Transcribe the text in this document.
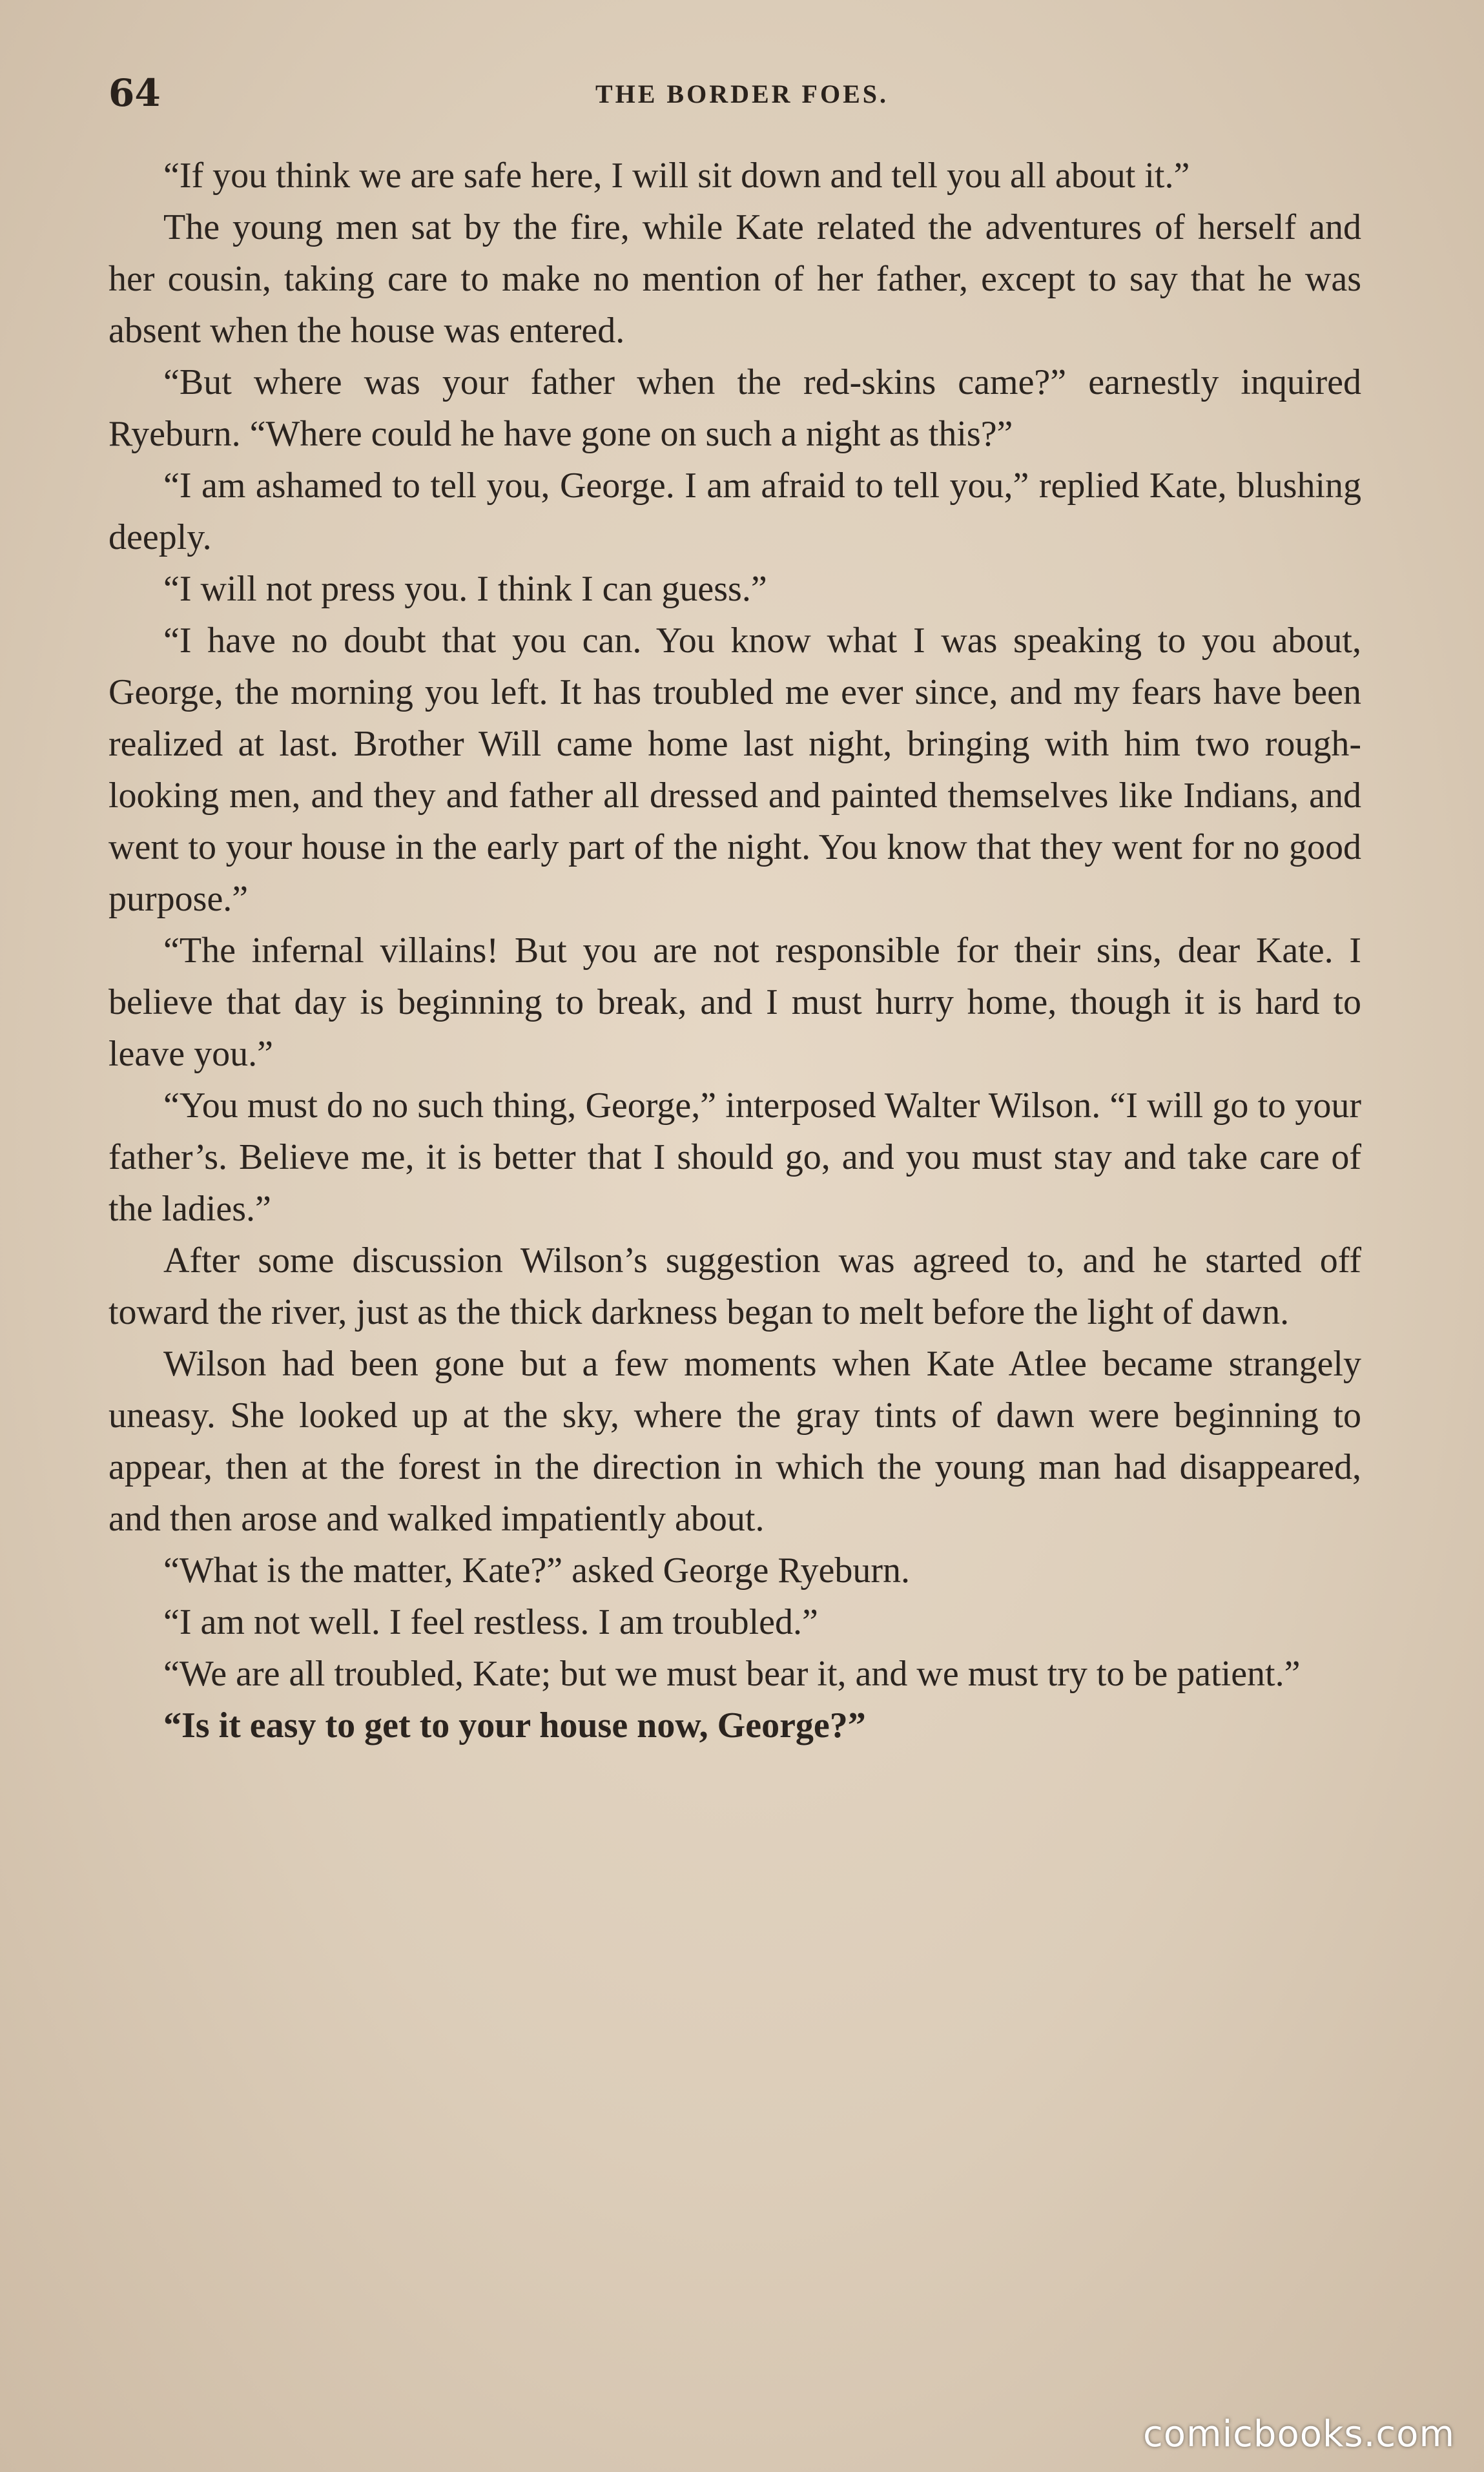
64	THE BORDER FOES.

“If you think we are safe here, I will sit down and tell you all about it.”

The young men sat by the fire, while Kate related the adventures of herself and her cousin, taking care to make no mention of her father, except to say that he was absent when the house was entered.

“But where was your father when the red-skins came?” earnestly inquired Ryeburn. “Where could he have gone on such a night as this?”

“I am ashamed to tell you, George. I am afraid to tell you,” replied Kate, blushing deeply.

“I will not press you. I think I can guess.”

“I have no doubt that you can. You know what I was speaking to you about, George, the morning you left. It has troubled me ever since, and my fears have been realized at last. Brother Will came home last night, bringing with him two rough-looking men, and they and father all dressed and painted themselves like Indians, and went to your house in the early part of the night. You know that they went for no good purpose.”

“The infernal villains! But you are not responsible for their sins, dear Kate. I believe that day is beginning to break, and I must hurry home, though it is hard to leave you.”

“You must do no such thing, George,” interposed Walter Wilson. “I will go to your father’s. Believe me, it is better that I should go, and you must stay and take care of the ladies.”

After some discussion Wilson’s suggestion was agreed to, and he started off toward the river, just as the thick darkness began to melt before the light of dawn.

Wilson had been gone but a few moments when Kate Atlee became strangely uneasy. She looked up at the sky, where the gray tints of dawn were beginning to appear, then at the forest in the direction in which the young man had disappeared, and then arose and walked impatiently about.

“What is the matter, Kate?” asked George Ryeburn.

“I am not well. I feel restless. I am troubled.”

“We are all troubled, Kate; but we must bear it, and we must try to be patient.”

“Is it easy to get to your house now, George?”

comicbooks.com
